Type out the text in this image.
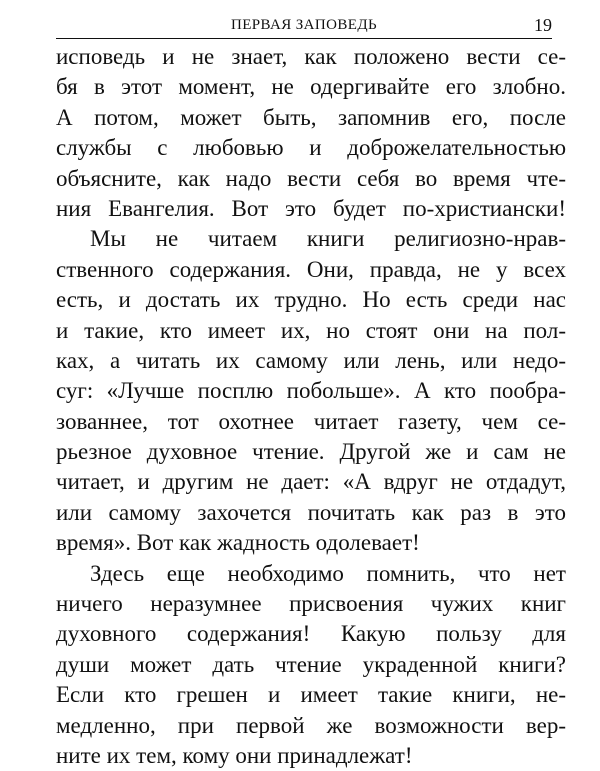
ПЕРВАЯ ЗАПОВЕДЬ	19
исповедь и не знает, как положено вести се-
бя в этот момент, не одергивайте его злобно.
А потом, может быть, запомнив его, после
службы с любовью и доброжелательностью
объясните, как надо вести себя во время чте-
ния Евангелия. Вот это будет по-христиански!
Мы не читаем книги религиозно-нрав-
ственного содержания. Они, правда, не у всех
есть, и достать их трудно. Но есть среди нас
и такие, кто имеет их, но стоят они на пол-
ках, а читать их самому или лень, или недо-
суг: «Лучше посплю побольше». А кто пообра-
зованнее, тот охотнее читает газету, чем се-
рьезное духовное чтение. Другой же и сам не
читает, и другим не дает: «А вдруг не отдадут,
или самому захочется почитать как раз в это
время». Вот как жадность одолевает!
Здесь еще необходимо помнить, что нет
ничего неразумнее присвоения чужих книг
духовного содержания! Какую пользу для
души может дать чтение украденной книги?
Если кто грешен и имеет такие книги, не-
медленно, при первой же возможности вер-
ните их тем, кому они принадлежат!
